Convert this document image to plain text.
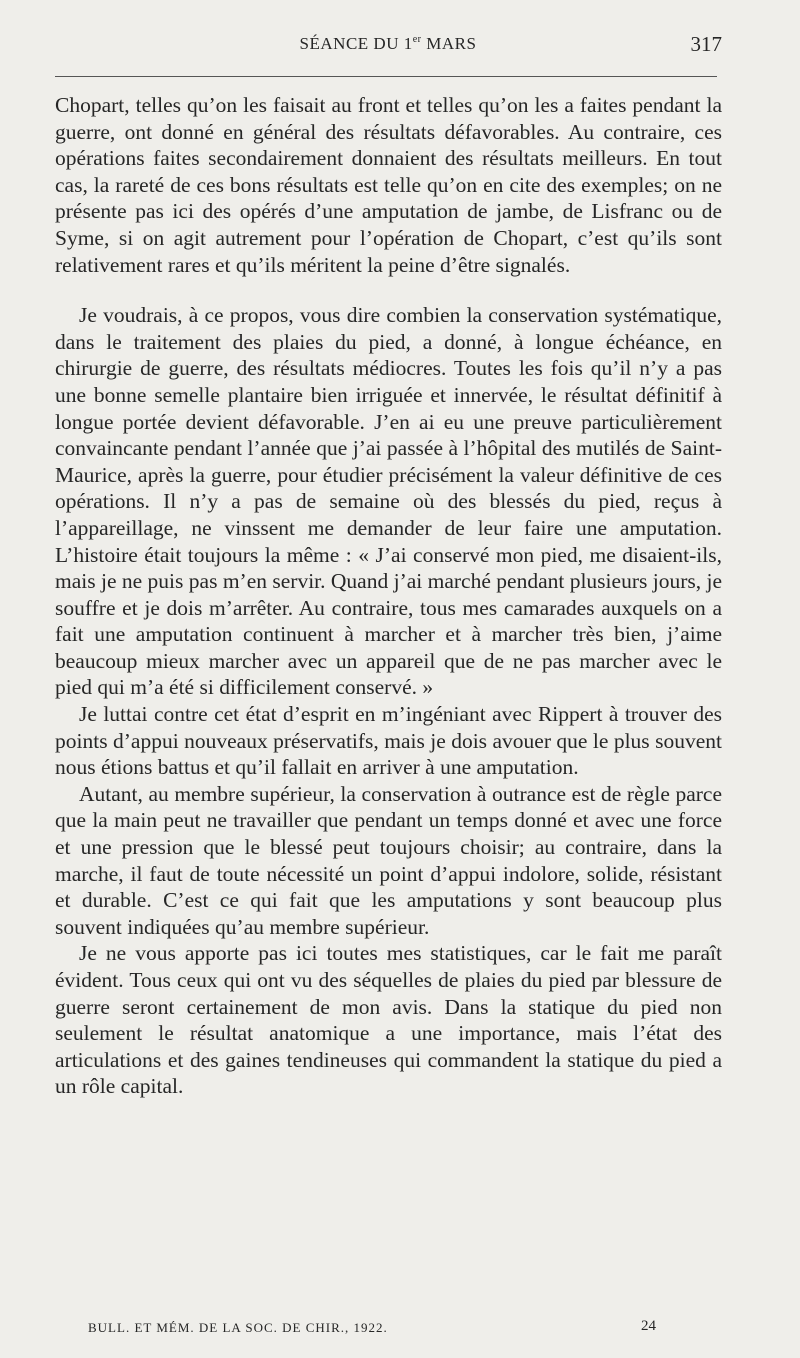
SÉANCE DU 1er MARS	317

Chopart, telles qu’on les faisait au front et telles qu’on les a faites pendant la guerre, ont donné en général des résultats défavorables. Au contraire, ces opérations faites secondairement donnaient des résultats meilleurs. En tout cas, la rareté de ces bons résultats est telle qu’on en cite des exemples; on ne présente pas ici des opérés d’une amputation de jambe, de Lisfranc ou de Syme, si on agit autrement pour l’opération de Chopart, c’est qu’ils sont relativement rares et qu’ils méritent la peine d’être signalés.

Je voudrais, à ce propos, vous dire combien la conservation systématique, dans le traitement des plaies du pied, a donné, à longue échéance, en chirurgie de guerre, des résultats médiocres. Toutes les fois qu’il n’y a pas une bonne semelle plantaire bien irriguée et innervée, le résultat définitif à longue portée devient défavorable. J’en ai eu une preuve particulièrement convaincante pendant l’année que j’ai passée à l’hôpital des mutilés de Saint-Maurice, après la guerre, pour étudier précisément la valeur définitive de ces opérations. Il n’y a pas de semaine où des blessés du pied, reçus à l’appareillage, ne vinssent me demander de leur faire une amputation. L’histoire était toujours la même : « J’ai conservé mon pied, me disaient-ils, mais je ne puis pas m’en servir. Quand j’ai marché pendant plusieurs jours, je souffre et je dois m’arrêter. Au contraire, tous mes camarades auxquels on a fait une amputation continuent à marcher et à marcher très bien, j’aime beaucoup mieux marcher avec un appareil que de ne pas marcher avec le pied qui m’a été si difficilement conservé. »

Je luttai contre cet état d’esprit en m’ingéniant avec Rippert à trouver des points d’appui nouveaux préservatifs, mais je dois avouer que le plus souvent nous étions battus et qu’il fallait en arriver à une amputation.

Autant, au membre supérieur, la conservation à outrance est de règle parce que la main peut ne travailler que pendant un temps donné et avec une force et une pression que le blessé peut toujours choisir; au contraire, dans la marche, il faut de toute nécessité un point d’appui indolore, solide, résistant et durable. C’est ce qui fait que les amputations y sont beaucoup plus souvent indiquées qu’au membre supérieur.

Je ne vous apporte pas ici toutes mes statistiques, car le fait me paraît évident. Tous ceux qui ont vu des séquelles de plaies du pied par blessure de guerre seront certainement de mon avis. Dans la statique du pied non seulement le résultat anatomique a une importance, mais l’état des articulations et des gaines tendineuses qui commandent la statique du pied a un rôle capital.

BULL. ET MÉM. DE LA SOC. DE CHIR., 1922.	24
